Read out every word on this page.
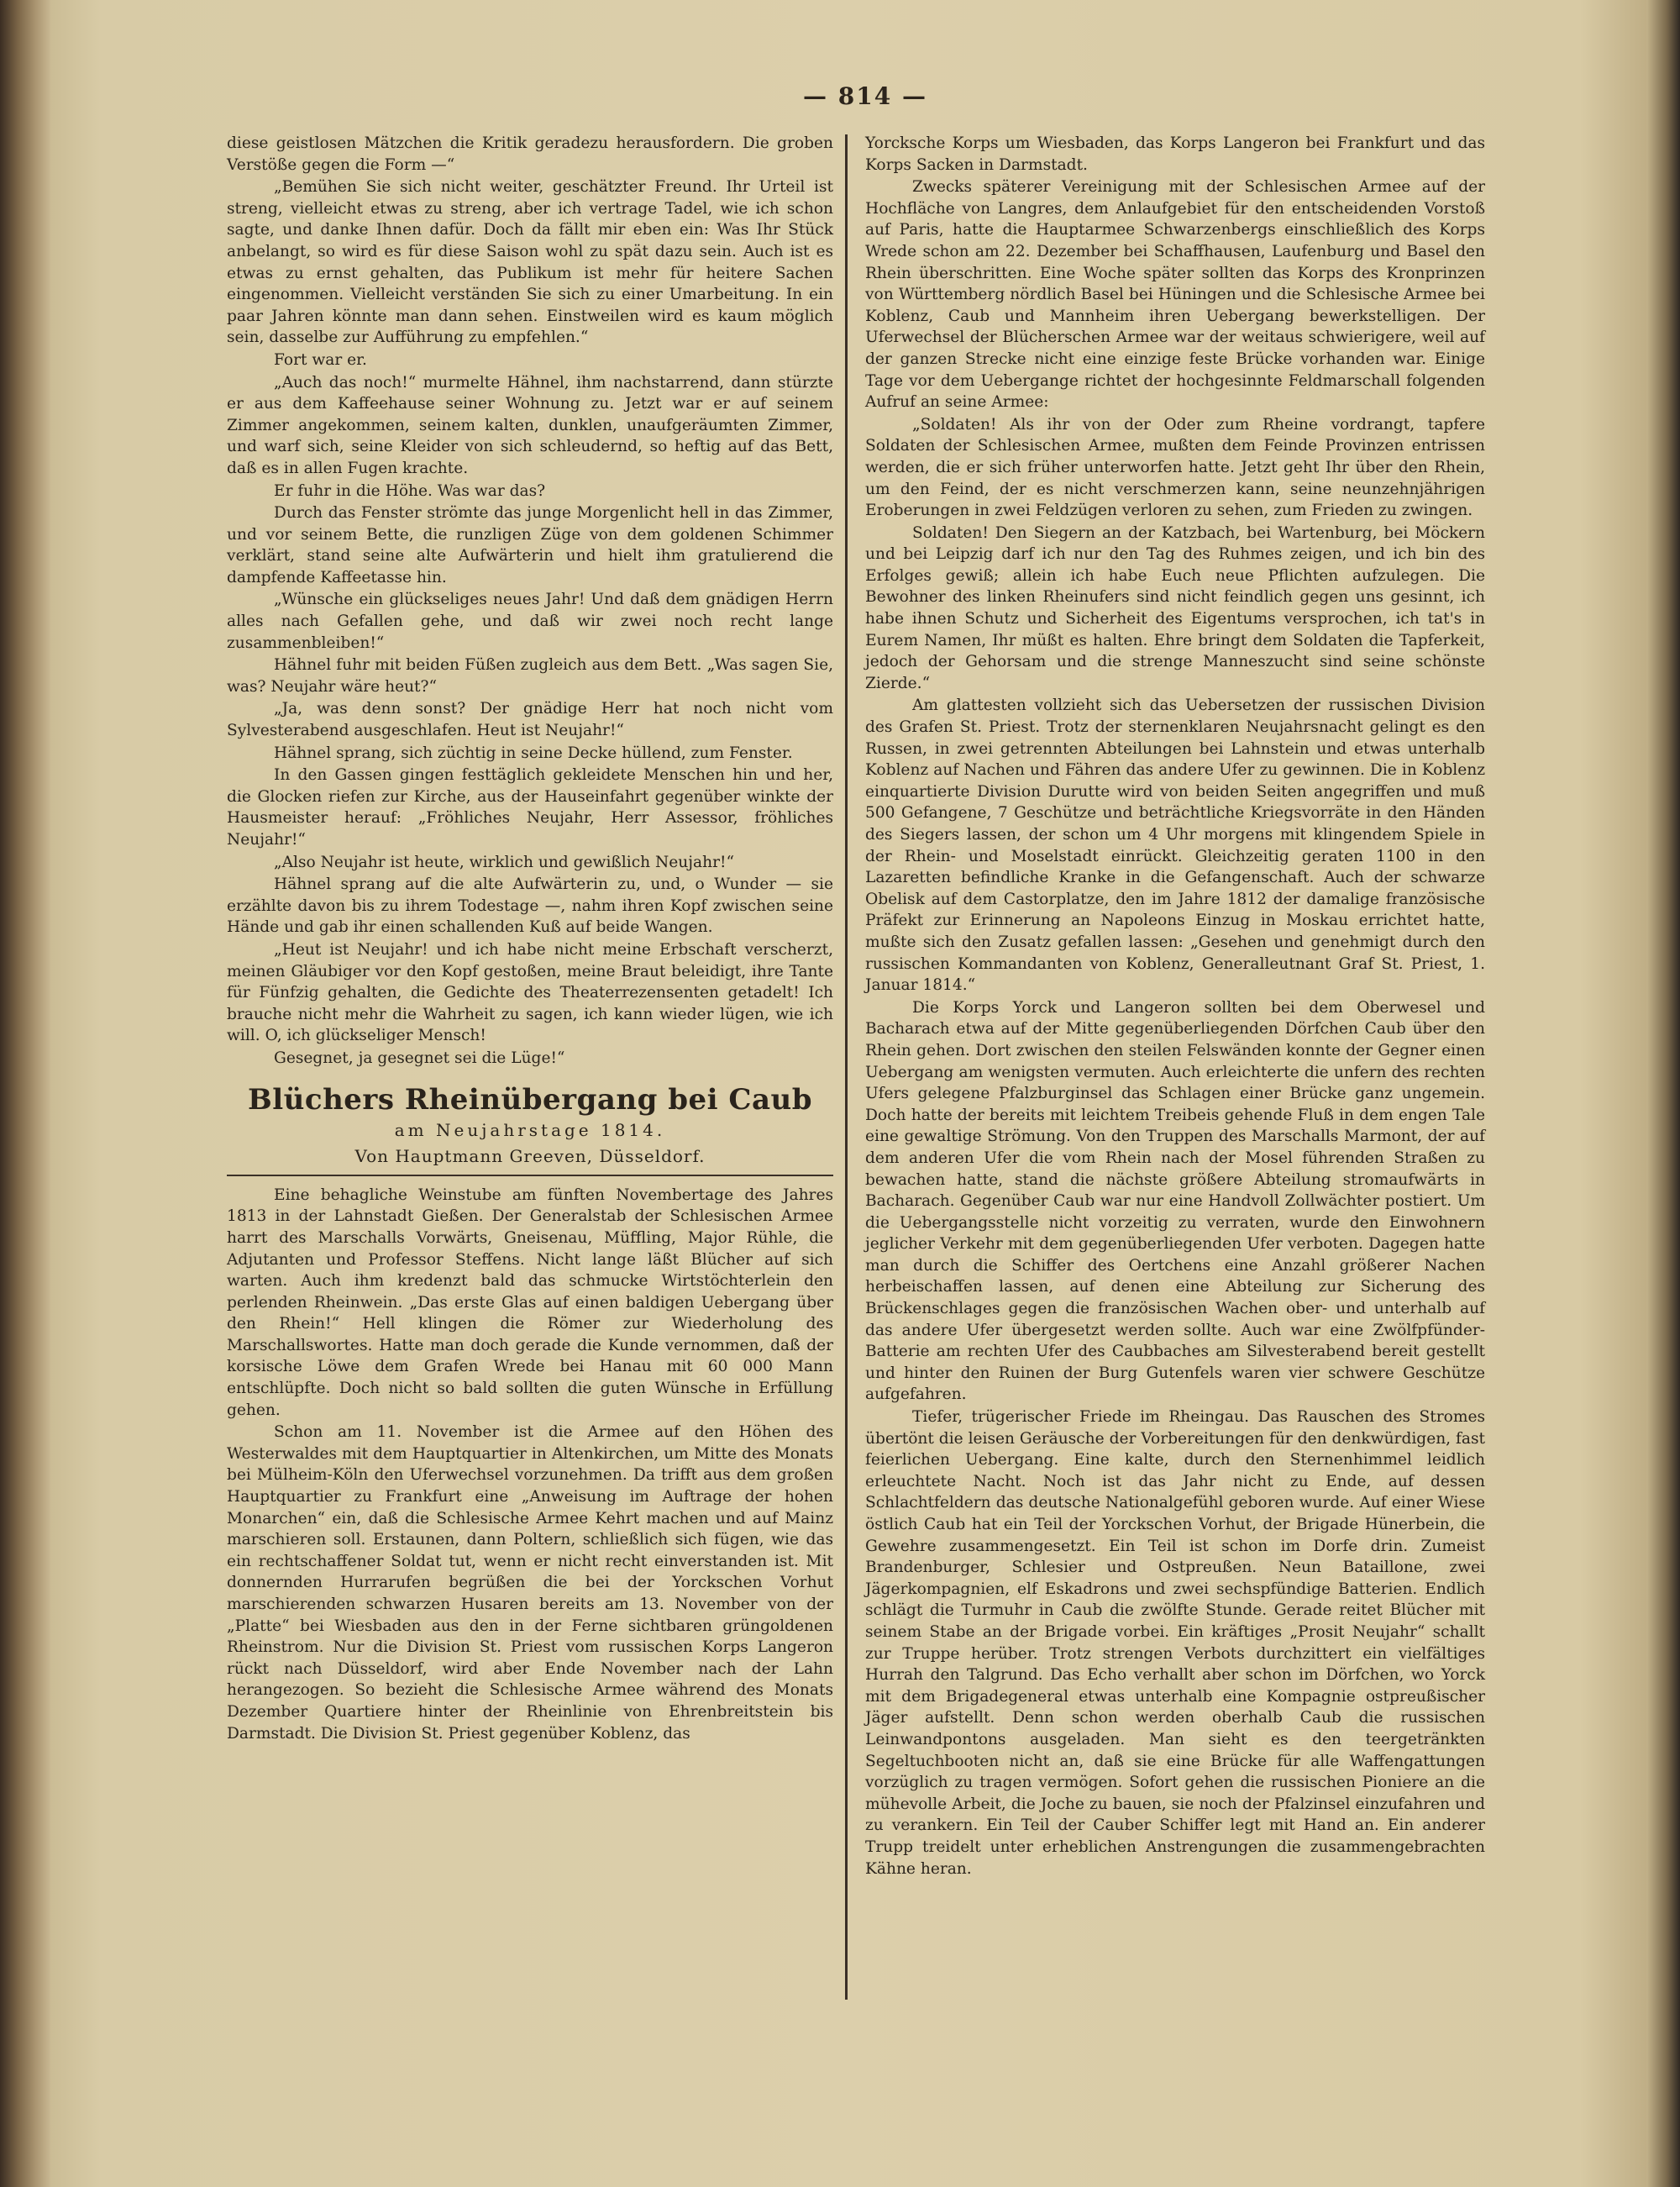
— 814 —

diese geistlosen Mätzchen die Kritik geradezu herausfordern. Die groben Verstöße gegen die Form —“

„Bemühen Sie sich nicht weiter, geschätzter Freund. Ihr Urteil ist streng, vielleicht etwas zu streng, aber ich vertrage Tadel, wie ich schon sagte, und danke Ihnen dafür. Doch da fällt mir eben ein: Was Ihr Stück anbelangt, so wird es für diese Saison wohl zu spät dazu sein. Auch ist es etwas zu ernst gehalten, das Publikum ist mehr für heitere Sachen eingenommen. Vielleicht verständen Sie sich zu einer Umarbeitung. In ein paar Jahren könnte man dann sehen. Einstweilen wird es kaum möglich sein, dasselbe zur Aufführung zu empfehlen.“

Fort war er.

„Auch das noch!“ murmelte Hähnel, ihm nachstarrend, dann stürzte er aus dem Kaffeehause seiner Wohnung zu. Jetzt war er auf seinem Zimmer angekommen, seinem kalten, dunklen, unaufgeräumten Zimmer, und warf sich, seine Kleider von sich schleudernd, so heftig auf das Bett, daß es in allen Fugen krachte.

Er fuhr in die Höhe. Was war das?

Durch das Fenster strömte das junge Morgenlicht hell in das Zimmer, und vor seinem Bette, die runzligen Züge von dem goldenen Schimmer verklärt, stand seine alte Aufwärterin und hielt ihm gratulierend die dampfende Kaffeetasse hin.

„Wünsche ein glückseliges neues Jahr! Und daß dem gnädigen Herrn alles nach Gefallen gehe, und daß wir zwei noch recht lange zusammenbleiben!“

Hähnel fuhr mit beiden Füßen zugleich aus dem Bett. „Was sagen Sie, was? Neujahr wäre heut?“

„Ja, was denn sonst? Der gnädige Herr hat noch nicht vom Sylvesterabend ausgeschlafen. Heut ist Neujahr!“

Hähnel sprang, sich züchtig in seine Decke hüllend, zum Fenster.

In den Gassen gingen festtäglich gekleidete Menschen hin und her, die Glocken riefen zur Kirche, aus der Hauseinfahrt gegenüber winkte der Hausmeister herauf: „Fröhliches Neujahr, Herr Assessor, fröhliches Neujahr!“

„Also Neujahr ist heute, wirklich und gewißlich Neujahr!“

Hähnel sprang auf die alte Aufwärterin zu, und, o Wunder — sie erzählte davon bis zu ihrem Todestage —, nahm ihren Kopf zwischen seine Hände und gab ihr einen schallenden Kuß auf beide Wangen.

„Heut ist Neujahr! und ich habe nicht meine Erbschaft verscherzt, meinen Gläubiger vor den Kopf gestoßen, meine Braut beleidigt, ihre Tante für Fünfzig gehalten, die Gedichte des Theaterrezensenten getadelt! Ich brauche nicht mehr die Wahrheit zu sagen, ich kann wieder lügen, wie ich will. O, ich glückseliger Mensch!

Gesegnet, ja gesegnet sei die Lüge!“

Blüchers Rheinübergang bei Caub
am Neujahrstage 1814.
Von Hauptmann Greeven, Düsseldorf.

Eine behagliche Weinstube am fünften Novembertage des Jahres 1813 in der Lahnstadt Gießen. Der Generalstab der Schlesischen Armee harrt des Marschalls Vorwärts, Gneisenau, Müffling, Major Rühle, die Adjutanten und Professor Steffens. Nicht lange läßt Blücher auf sich warten. Auch ihm kredenzt bald das schmucke Wirtstöchterlein den perlenden Rheinwein. „Das erste Glas auf einen baldigen Uebergang über den Rhein!“ Hell klingen die Römer zur Wiederholung des Marschallswortes. Hatte man doch gerade die Kunde vernommen, daß der korsische Löwe dem Grafen Wrede bei Hanau mit 60 000 Mann entschlüpfte. Doch nicht so bald sollten die guten Wünsche in Erfüllung gehen.

Schon am 11. November ist die Armee auf den Höhen des Westerwaldes mit dem Hauptquartier in Altenkirchen, um Mitte des Monats bei Mülheim-Köln den Uferwechsel vorzunehmen. Da trifft aus dem großen Hauptquartier zu Frankfurt eine „Anweisung im Auftrage der hohen Monarchen“ ein, daß die Schlesische Armee Kehrt machen und auf Mainz marschieren soll. Erstaunen, dann Poltern, schließlich sich fügen, wie das ein rechtschaffener Soldat tut, wenn er nicht recht einverstanden ist. Mit donnernden Hurrarufen begrüßen die bei der Yorckschen Vorhut marschierenden schwarzen Husaren bereits am 13. November von der „Platte“ bei Wiesbaden aus den in der Ferne sichtbaren grüngoldenen Rheinstrom. Nur die Division St. Priest vom russischen Korps Langeron rückt nach Düsseldorf, wird aber Ende November nach der Lahn herangezogen. So bezieht die Schlesische Armee während des Monats Dezember Quartiere hinter der Rheinlinie von Ehrenbreitstein bis Darmstadt. Die Division St. Priest gegenüber Koblenz, das

Yorcksche Korps um Wiesbaden, das Korps Langeron bei Frankfurt und das Korps Sacken in Darmstadt.

Zwecks späterer Vereinigung mit der Schlesischen Armee auf der Hochfläche von Langres, dem Anlaufgebiet für den entscheidenden Vorstoß auf Paris, hatte die Hauptarmee Schwarzenbergs einschließlich des Korps Wrede schon am 22. Dezember bei Schaffhausen, Laufenburg und Basel den Rhein überschritten. Eine Woche später sollten das Korps des Kronprinzen von Württemberg nördlich Basel bei Hüningen und die Schlesische Armee bei Koblenz, Caub und Mannheim ihren Uebergang bewerkstelligen. Der Uferwechsel der Blücherschen Armee war der weitaus schwierigere, weil auf der ganzen Strecke nicht eine einzige feste Brücke vorhanden war. Einige Tage vor dem Uebergange richtet der hochgesinnte Feldmarschall folgenden Aufruf an seine Armee:

„Soldaten! Als ihr von der Oder zum Rheine vordrangt, tapfere Soldaten der Schlesischen Armee, mußten dem Feinde Provinzen entrissen werden, die er sich früher unterworfen hatte. Jetzt geht Ihr über den Rhein, um den Feind, der es nicht verschmerzen kann, seine neunzehnjährigen Eroberungen in zwei Feldzügen verloren zu sehen, zum Frieden zu zwingen.

Soldaten! Den Siegern an der Katzbach, bei Wartenburg, bei Möckern und bei Leipzig darf ich nur den Tag des Ruhmes zeigen, und ich bin des Erfolges gewiß; allein ich habe Euch neue Pflichten aufzulegen. Die Bewohner des linken Rheinufers sind nicht feindlich gegen uns gesinnt, ich habe ihnen Schutz und Sicherheit des Eigentums versprochen, ich tat's in Eurem Namen, Ihr müßt es halten. Ehre bringt dem Soldaten die Tapferkeit, jedoch der Gehorsam und die strenge Manneszucht sind seine schönste Zierde.“

Am glattesten vollzieht sich das Uebersetzen der russischen Division des Grafen St. Priest. Trotz der sternenklaren Neujahrsnacht gelingt es den Russen, in zwei getrennten Abteilungen bei Lahnstein und etwas unterhalb Koblenz auf Nachen und Fähren das andere Ufer zu gewinnen. Die in Koblenz einquartierte Division Durutte wird von beiden Seiten angegriffen und muß 500 Gefangene, 7 Geschütze und beträchtliche Kriegsvorräte in den Händen des Siegers lassen, der schon um 4 Uhr morgens mit klingendem Spiele in der Rhein- und Moselstadt einrückt. Gleichzeitig geraten 1100 in den Lazaretten befindliche Kranke in die Gefangenschaft. Auch der schwarze Obelisk auf dem Castorplatze, den im Jahre 1812 der damalige französische Präfekt zur Erinnerung an Napoleons Einzug in Moskau errichtet hatte, mußte sich den Zusatz gefallen lassen: „Gesehen und genehmigt durch den russischen Kommandanten von Koblenz, Generalleutnant Graf St. Priest, 1. Januar 1814.“

Die Korps Yorck und Langeron sollten bei dem Oberwesel und Bacharach etwa auf der Mitte gegenüberliegenden Dörfchen Caub über den Rhein gehen. Dort zwischen den steilen Felswänden konnte der Gegner einen Uebergang am wenigsten vermuten. Auch erleichterte die unfern des rechten Ufers gelegene Pfalzburginsel das Schlagen einer Brücke ganz ungemein. Doch hatte der bereits mit leichtem Treibeis gehende Fluß in dem engen Tale eine gewaltige Strömung. Von den Truppen des Marschalls Marmont, der auf dem anderen Ufer die vom Rhein nach der Mosel führenden Straßen zu bewachen hatte, stand die nächste größere Abteilung stromaufwärts in Bacharach. Gegenüber Caub war nur eine Handvoll Zollwächter postiert. Um die Uebergangsstelle nicht vorzeitig zu verraten, wurde den Einwohnern jeglicher Verkehr mit dem gegenüberliegenden Ufer verboten. Dagegen hatte man durch die Schiffer des Oertchens eine Anzahl größerer Nachen herbeischaffen lassen, auf denen eine Abteilung zur Sicherung des Brückenschlages gegen die französischen Wachen ober- und unterhalb auf das andere Ufer übergesetzt werden sollte. Auch war eine Zwölfpfünder-Batterie am rechten Ufer des Caubbaches am Silvesterabend bereit gestellt und hinter den Ruinen der Burg Gutenfels waren vier schwere Geschütze aufgefahren.

Tiefer, trügerischer Friede im Rheingau. Das Rauschen des Stromes übertönt die leisen Geräusche der Vorbereitungen für den denkwürdigen, fast feierlichen Uebergang. Eine kalte, durch den Sternenhimmel leidlich erleuchtete Nacht. Noch ist das Jahr nicht zu Ende, auf dessen Schlachtfeldern das deutsche Nationalgefühl geboren wurde. Auf einer Wiese östlich Caub hat ein Teil der Yorckschen Vorhut, der Brigade Hünerbein, die Gewehre zusammengesetzt. Ein Teil ist schon im Dorfe drin. Zumeist Brandenburger, Schlesier und Ostpreußen. Neun Bataillone, zwei Jägerkompagnien, elf Eskadrons und zwei sechspfündige Batterien. Endlich schlägt die Turmuhr in Caub die zwölfte Stunde. Gerade reitet Blücher mit seinem Stabe an der Brigade vorbei. Ein kräftiges „Prosit Neujahr“ schallt zur Truppe herüber. Trotz strengen Verbots durchzittert ein vielfältiges Hurrah den Talgrund. Das Echo verhallt aber schon im Dörfchen, wo Yorck mit dem Brigadegeneral etwas unterhalb eine Kompagnie ostpreußischer Jäger aufstellt. Denn schon werden oberhalb Caub die russischen Leinwandpontons ausgeladen. Man sieht es den teergetränkten Segeltuchbooten nicht an, daß sie eine Brücke für alle Waffengattungen vorzüglich zu tragen vermögen. Sofort gehen die russischen Pioniere an die mühevolle Arbeit, die Joche zu bauen, sie noch der Pfalzinsel einzufahren und zu verankern. Ein Teil der Cauber Schiffer legt mit Hand an. Ein anderer Trupp treidelt unter erheblichen Anstrengungen die zusammengebrachten Kähne heran.
